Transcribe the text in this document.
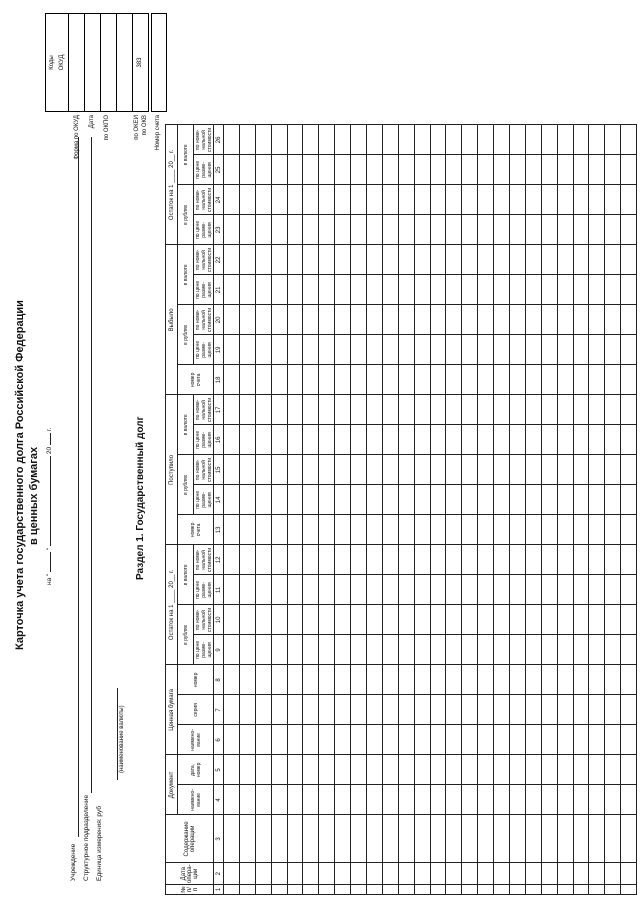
Карточка учета государственного долга Российской Федерации в ценных бумагах
на "  "  20  г.
Учреждение Структурное подразделение Единица измерения: руб
(наименование валюты)
Форма по ОКУД Дата по ОКПО	по ОКЕИ по ОКВ Номер счета
Коды ОКУД	383
Раздел 1. Государственный долг
№ п/п	Дата опера-ции	Содержание операции	Документ		Ценная бумага			Остаток на 1 ____ 20__ г.				Поступило					Выбыло					Остаток на 1 ____ 20__ г.			
			наимено-вание	дата, номер	наимено-вание	серия	номер	в рублях		в валюте		номер счета	в рублях		в валюте		номер счета	в рублях		в валюте		в рублях		в валюте	

								по цене разме-щения	по номи-нальной стоимости	по цене разме-щения	по номи-нальной стоимости		по цене разме-щения	по номи-нальной стоимости	по цене разме-щения	по номи-нальной стоимости		по цене разме-щения	по номи-нальной стоимости	по цене разме-щения	по номи-нальной стоимости	по цене разме-щения	по номи-нальной стоимости	по цене разме-щения	по номи-нальной стоимости
1	2	3	4	5	6	7	8	9	10	11	12	13	14	15	16	17	18	19	20	21	22	23	24	25	26
